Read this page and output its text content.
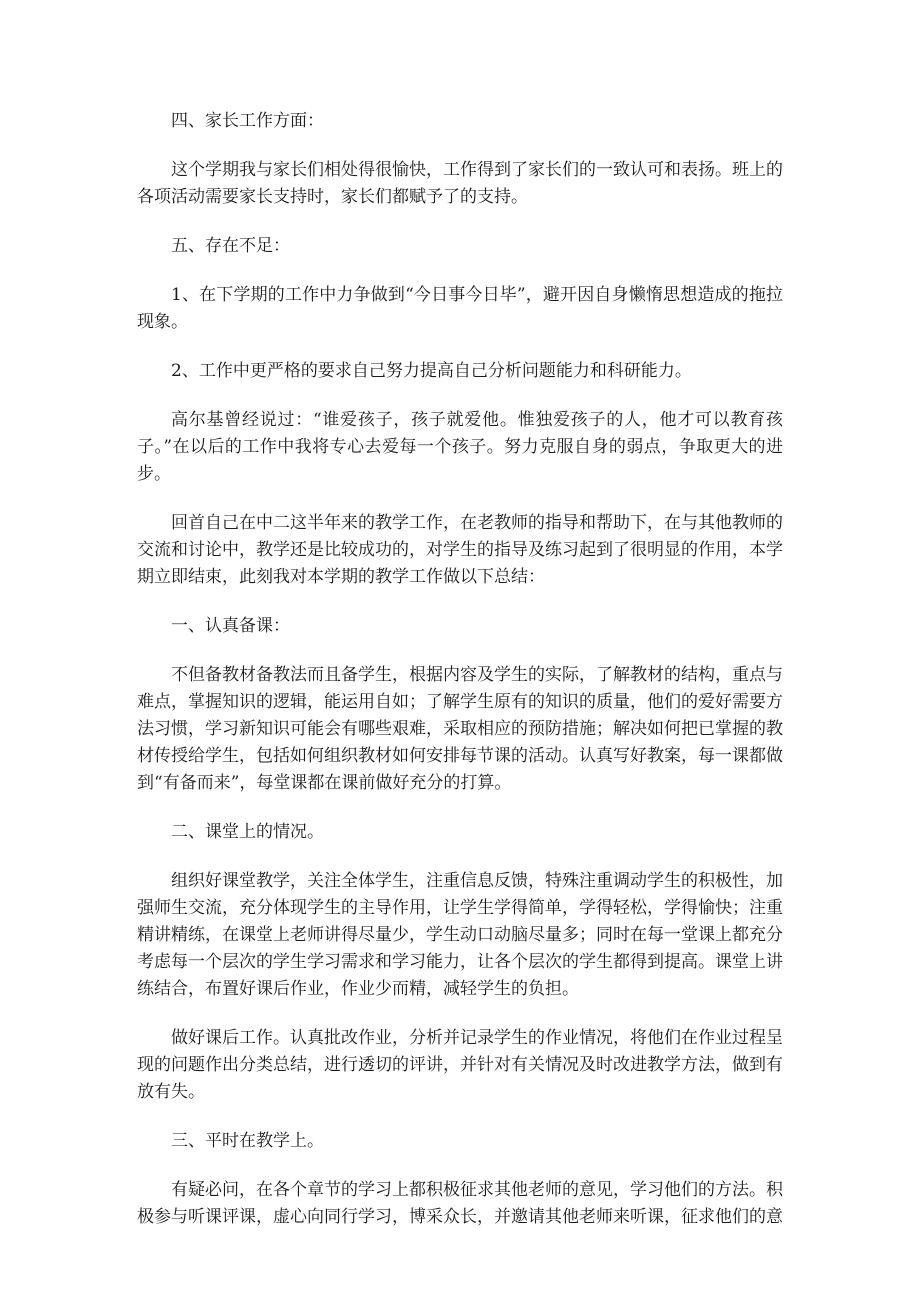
四、家长工作方面：

这个学期我与家长们相处得很愉快，工作得到了家长们的一致认可和表扬。班上的各项活动需要家长支持时，家长们都赋予了的支持。

五、存在不足：

1、在下学期的工作中力争做到“今日事今日毕”，避开因自身懒惰思想造成的拖拉现象。

2、工作中更严格的要求自己努力提高自己分析问题能力和科研能力。

高尔基曾经说过：“谁爱孩子，孩子就爱他。惟独爱孩子的人，他才可以教育孩子。”在以后的工作中我将专心去爱每一个孩子。努力克服自身的弱点，争取更大的进步。

回首自己在中二这半年来的教学工作，在老教师的指导和帮助下，在与其他教师的交流和讨论中，教学还是比较成功的，对学生的指导及练习起到了很明显的作用，本学期立即结束，此刻我对本学期的教学工作做以下总结：

一、认真备课：

不但备教材备教法而且备学生，根据内容及学生的实际，了解教材的结构，重点与难点，掌握知识的逻辑，能运用自如；了解学生原有的知识的质量，他们的爱好需要方法习惯，学习新知识可能会有哪些艰难，采取相应的预防措施；解决如何把已掌握的教材传授给学生，包括如何组织教材如何安排每节课的活动。认真写好教案，每一课都做到“有备而来”，每堂课都在课前做好充分的打算。

二、课堂上的情况。

组织好课堂教学，关注全体学生，注重信息反馈，特殊注重调动学生的积极性，加强师生交流，充分体现学生的主导作用，让学生学得简单，学得轻松，学得愉快；注重精讲精练，在课堂上老师讲得尽量少，学生动口动脑尽量多；同时在每一堂课上都充分考虑每一个层次的学生学习需求和学习能力，让各个层次的学生都得到提高。课堂上讲练结合，布置好课后作业，作业少而精，减轻学生的负担。

做好课后工作。认真批改作业，分析并记录学生的作业情况，将他们在作业过程呈现的问题作出分类总结，进行透切的评讲，并针对有关情况及时改进教学方法，做到有放有失。

三、平时在教学上。

有疑必问，在各个章节的学习上都积极征求其他老师的意见，学习他们的方法。积极参与听课评课，虚心向同行学习，博采众长，并邀请其他老师来听课，征求他们的意
